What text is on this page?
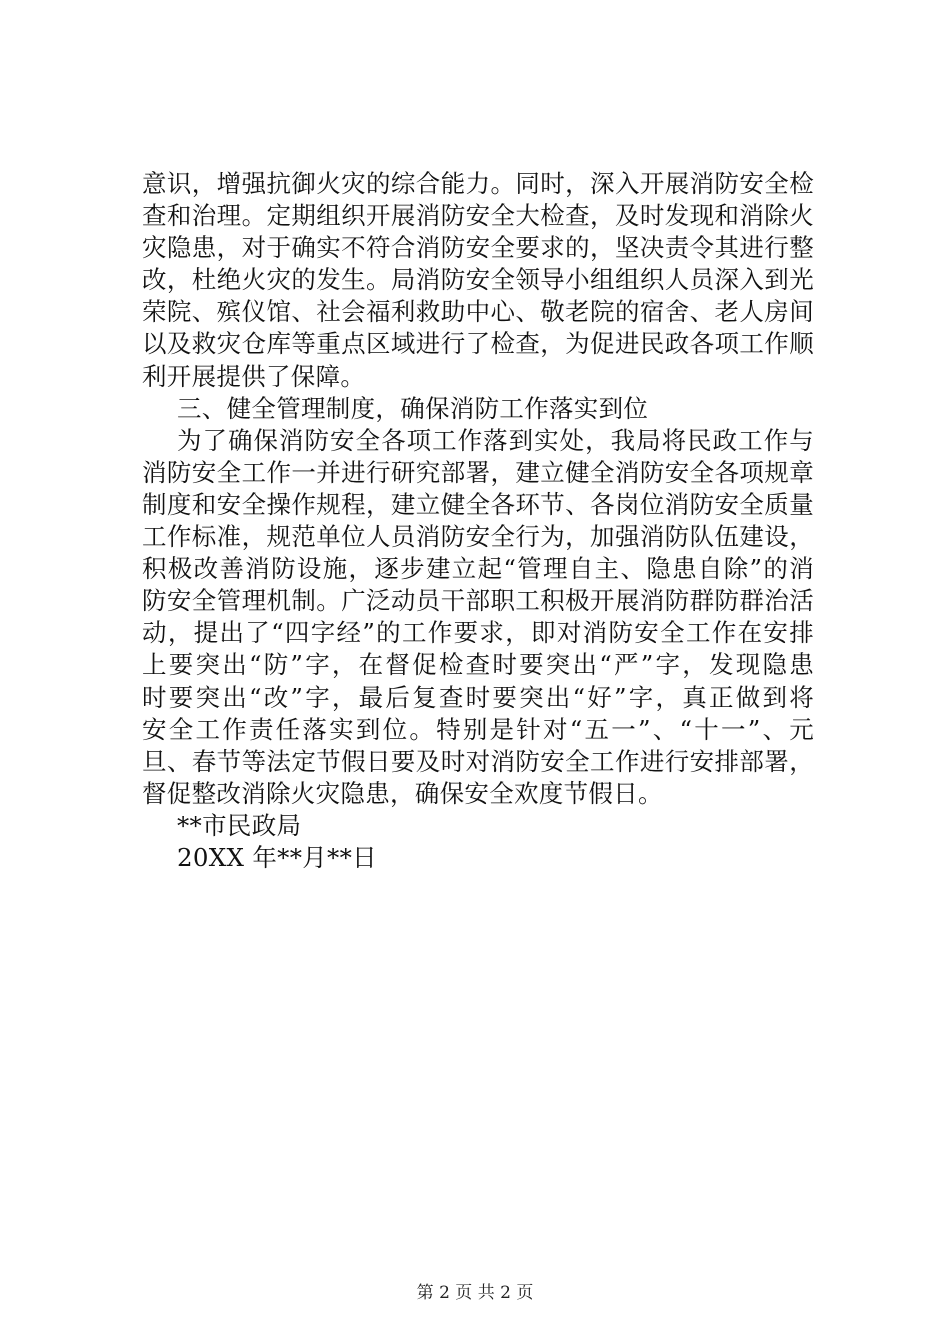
意识，增强抗御火灾的综合能力。同时，深入开展消防安全检
查和治理。定期组织开展消防安全大检查，及时发现和消除火
灾隐患，对于确实不符合消防安全要求的，坚决责令其进行整
改，杜绝火灾的发生。局消防安全领导小组组织人员深入到光
荣院、殡仪馆、社会福利救助中心、敬老院的宿舍、老人房间
以及救灾仓库等重点区域进行了检查，为促进民政各项工作顺
利开展提供了保障。
三、健全管理制度，确保消防工作落实到位
为了确保消防安全各项工作落到实处，我局将民政工作与
消防安全工作一并进行研究部署，建立健全消防安全各项规章
制度和安全操作规程，建立健全各环节、各岗位消防安全质量
工作标准，规范单位人员消防安全行为，加强消防队伍建设，
积极改善消防设施，逐步建立起“管理自主、隐患自除”的消
防安全管理机制。广泛动员干部职工积极开展消防群防群治活
动，提出了“四字经”的工作要求，即对消防安全工作在安排
上要突出“防”字，在督促检查时要突出“严”字，发现隐患
时要突出“改”字，最后复查时要突出“好”字，真正做到将
安全工作责任落实到位。特别是针对“五一”、“十一”、元
旦、春节等法定节假日要及时对消防安全工作进行安排部署，
督促整改消除火灾隐患，确保安全欢度节假日。
**市民政局
20XX 年**月**日
第 2 页 共 2 页
